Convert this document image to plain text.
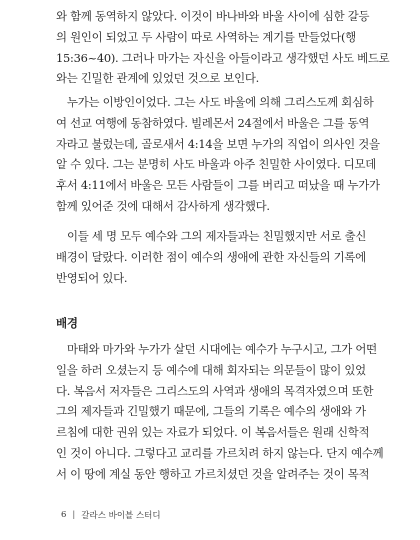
와 함께 동역하지 않았다. 이것이 바나바와 바울 사이에 심한 갈등
의 원인이 되었고 두 사람이 따로 사역하는 계기를 만들었다(행
15:36~40). 그러나 마가는 자신을 아들이라고 생각했던 사도 베드로
와는 긴밀한 관계에 있었던 것으로 보인다.
누가는 이방인이었다. 그는 사도 바울에 의해 그리스도께 회심하
여 선교 여행에 동참하였다. 빌레몬서 24절에서 바울은 그를 동역
자라고 불렀는데, 골로새서 4:14을 보면 누가의 직업이 의사인 것을
알 수 있다. 그는 분명히 사도 바울과 아주 친밀한 사이였다. 디모데
후서 4:11에서 바울은 모든 사람들이 그를 버리고 떠났을 때 누가가
함께 있어준 것에 대해서 감사하게 생각했다.
이들 세 명 모두 예수와 그의 제자들과는 친밀했지만 서로 출신
배경이 달랐다. 이러한 점이 예수의 생애에 관한 자신들의 기록에
반영되어 있다.
배경
마태와 마가와 누가가 살던 시대에는 예수가 누구시고, 그가 어떤
일을 하러 오셨는지 등 예수에 대해 회자되는 의문들이 많이 있었
다. 복음서 저자들은 그리스도의 사역과 생애의 목격자였으며 또한
그의 제자들과 긴밀했기 때문에, 그들의 기록은 예수의 생애와 가
르침에 대한 권위 있는 자료가 되었다. 이 복음서들은 원래 신학적
인 것이 아니다. 그렇다고 교리를 가르치려 하지 않는다. 단지 예수께
서 이 땅에 계실 동안 행하고 가르치셨던 것을 알려주는 것이 목적
6 | 갈라스 바이블 스터디
